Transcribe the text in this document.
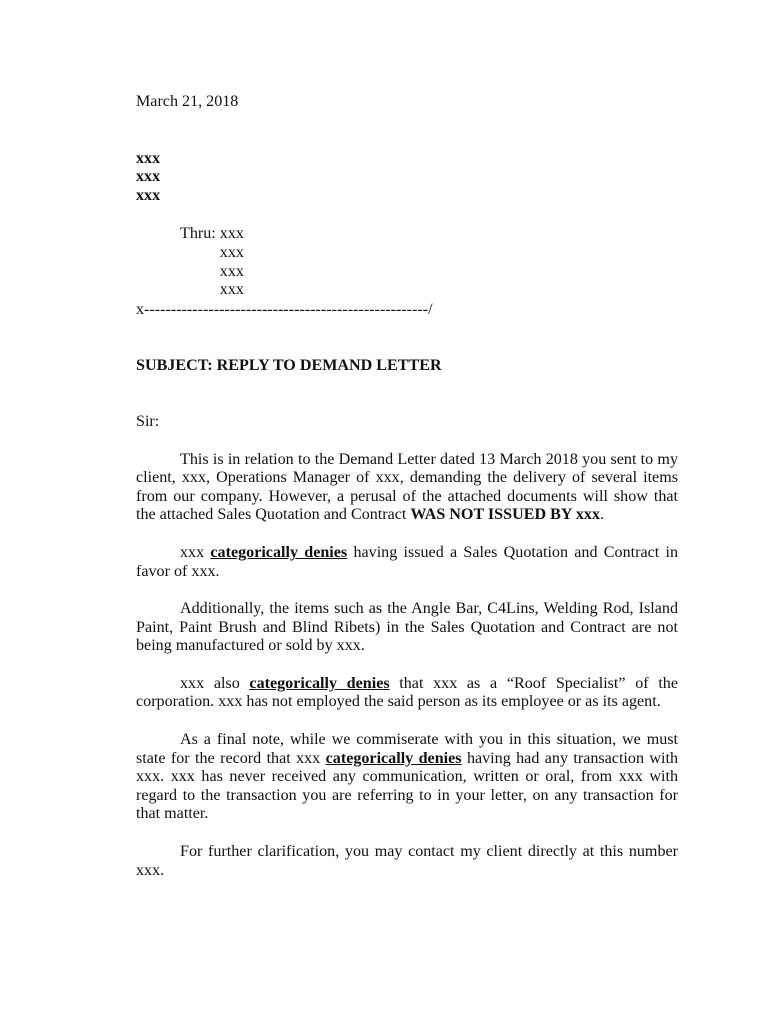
March 21, 2018
xxx
xxx
xxx
Thru: xxx
xxx
xxx
xxx
x-----------------------------------------------------/
SUBJECT: REPLY TO DEMAND LETTER
Sir:
This is in relation to the Demand Letter dated 13 March 2018 you sent to my client, xxx, Operations Manager of xxx, demanding the delivery of several items from our company. However, a perusal of the attached documents will show that the attached Sales Quotation and Contract WAS NOT ISSUED BY xxx.
xxx categorically denies having issued a Sales Quotation and Contract in favor of xxx.
Additionally, the items such as the Angle Bar, C4Lins, Welding Rod, Island Paint, Paint Brush and Blind Ribets) in the Sales Quotation and Contract are not being manufactured or sold by xxx.
xxx also categorically denies that xxx as a “Roof Specialist” of the corporation. xxx has not employed the said person as its employee or as its agent.
As a final note, while we commiserate with you in this situation, we must state for the record that xxx categorically denies having had any transaction with xxx. xxx has never received any communication, written or oral, from xxx with regard to the transaction you are referring to in your letter, on any transaction for that matter.
For further clarification, you may contact my client directly at this number xxx.
